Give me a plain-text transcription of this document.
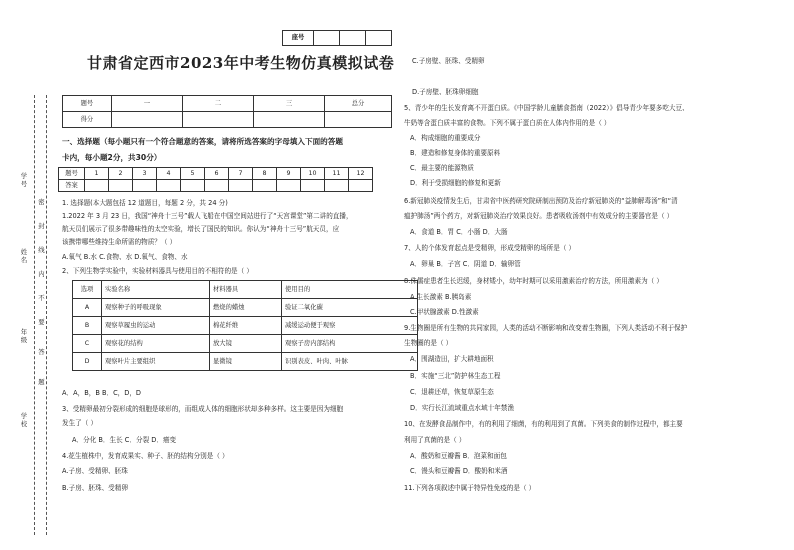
学号
姓名
年级
学校
密
封
线
内
不
要
答
题
座号			
甘肃省定西市2023年中考生物仿真模拟试卷
题号	一	二	三	总分
得分				
一、选择题（每小题只有一个符合题意的答案，请将所选答案的字母填入下面的答题
卡内，每小题2分，共30分）
题号	1	2	3	4	5	6	7	8	9	10	11	12
答案												
1. 选择题(本大题包括 12 道题目，每题 2 分，共 24 分)
1.2022 年 3 月 23 日，我国“神舟十三号”载人飞船在中国空间站进行了“天宫课堂”第二讲的直播，
航天员们展示了很多带趣味性的太空实验，增长了国民的知识。你认为“神舟十三号”航天员，应
该携带哪些维持生命所需的物质？（ ）
A.氧气 B.水 C.食物、水 D.氧气、食物、水
2、下列生物学实验中，实验材料器具与使用目的不相符的是（ ）
选项	实验名称	材料器具	使用目的
A	观察种子的呼吸现象	燃烧的蜡烛	验证二氧化碳
B	观察草履虫的运动	棉花纤维	减缓运动便于观察
C	观察花的结构	放大镜	观察子房内部结构
D	观察叶片主要组织	显微镜	识别表皮、叶肉、叶脉
A．A，B，B B．C，D，D
3、受精卵最初分裂形成的细胞是球形的，而组成人体的细胞形状却多种多样。这主要是因为细胞
发生了（ ）
A．分化 B．生长 C．分裂 D．癌变
4.花生植株中，发育成果实、种子、胚的结构分别是（ ）
A.子房、受精卵、胚珠
B.子房、胚珠、受精卵
C.子房壁、胚珠、受精卵
D.子房壁、胚珠卵细胞
5、青少年的生长发育离不开蛋白质。《中国学龄儿童膳食指南（2022）》倡导青少年要多吃大豆、
牛奶等含蛋白质丰富的食物。下列不属于蛋白质在人体内作用的是（ ）
A．构成细胞的重要成分
B．建造和修复身体的重要原料
C．最主要的能源物质
D．利于受损细胞的修复和更新
6.新冠肺炎疫情发生后，甘肃省中医药研究院研制出预防及治疗新冠肺炎的“益肺解毒汤”和“清
瘟护肺汤”两个药方，对新冠肺炎治疗效果良好。患者吸收汤剂中有效成分的主要器官是（ ）
A．食道 B．胃 C．小肠 D．大肠
7、人的个体发育起点是受精卵，形成受精卵的场所是（ ）
A．卵巢 B．子宫 C．阴道 D．输卵管
8.侏儒症患者生长迟缓，身材矮小，幼年时期可以采用激素治疗的方法，所用激素为（ ）
A.生长激素 B.胰岛素
C.甲状腺激素 D.性激素
9.生物圈是所有生物的共同家园，人类的活动不断影响和改变着生物圈，下列人类活动不利于保护
生物圈的是（ ）
A．围湖造田，扩大耕地面积
B．实施“三北”防护林生态工程
C．退耕还草，恢复草原生态
D．实行长江流域重点水域十年禁渔
10、在发酵食品制作中，有的利用了细菌，有的利用到了真菌。下列美食的制作过程中，都主要
利用了真菌的是（ ）
A．酸奶和豆瓣酱 B．泡菜和面包
C．馒头和豆瓣酱 D．酸奶和米酒
11.下列各项叙述中属于特异性免疫的是（ ）
